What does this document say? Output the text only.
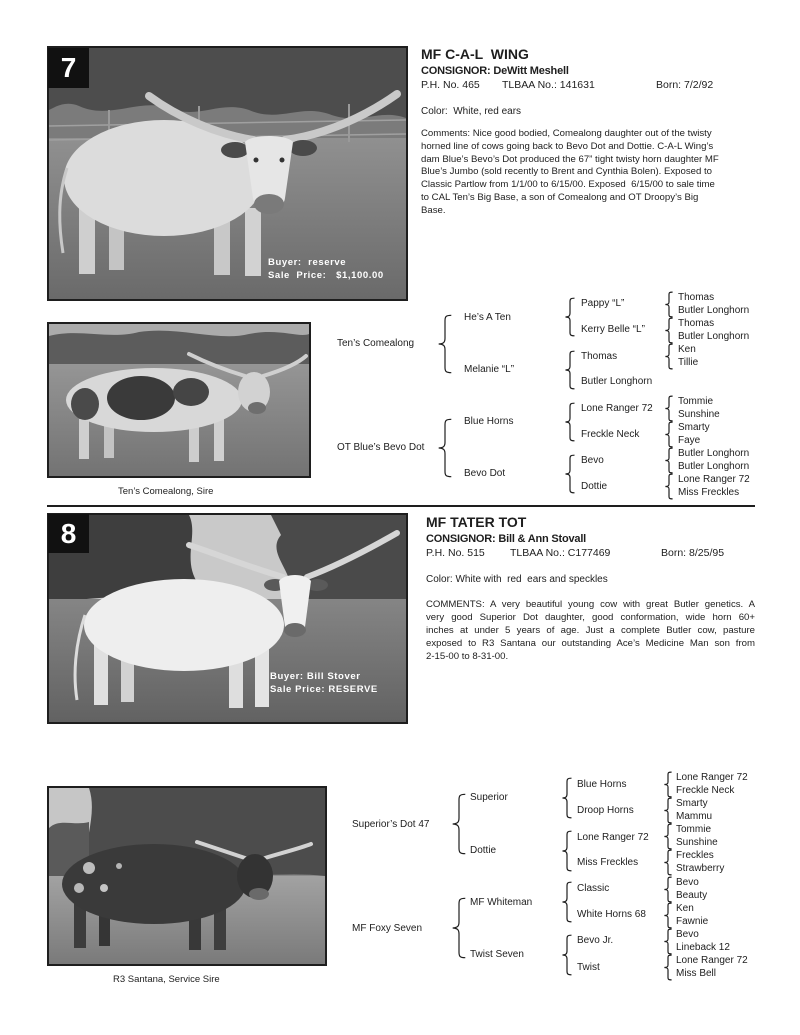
7
Buyer:  reserve
Sale  Price:   $1,100.00
MF C-A-L  WING
CONSIGNOR: DeWitt Meshell
P.H. No. 465 TLBAA No.: 141631	Born: 7/2/92
Color:  White, red ears
Comments: Nice good bodied, Comealong daughter out of the twisty
horned line of cows going back to Bevo Dot and Dottie. C-A-L Wing’s
dam Blue’s Bevo’s Dot produced the 67” tight twisty horn daughter MF
Blue’s Jumbo (sold recently to Brent and Cynthia Bolen). Exposed to
Classic Partlow from 1/1/00 to 6/15/00. Exposed  6/15/00 to sale time
to CAL Ten’s Big Base, a son of Comealong and OT Droopy’s Big
Base.
Ten’s Comealong, Sire
Ten’s Comealong
OT Blue’s Bevo Dot
He’s A Ten
Melanie “L”
Blue Horns
Bevo Dot
Pappy “L”
Kerry Belle “L”
Thomas
Butler Longhorn
Lone Ranger 72
Freckle Neck
Bevo
Dottie
Thomas
Butler Longhorn
Thomas
Butler Longhorn
Ken
Tillie
Tommie
Sunshine
Smarty
Faye
Butler Longhorn
Butler Longhorn
Lone Ranger 72
Miss Freckles
8
Buyer: Bill Stover
Sale Price: RESERVE
MF TATER TOT
CONSIGNOR: Bill & Ann Stovall
P.H. No. 515 TLBAA No.: C177469	Born: 8/25/95
Color: White with  red  ears and speckles
COMMENTS: A very beautiful young cow with great Butler genetics. A
very good Superior Dot daughter, good conformation, wide horn 60+
inches at under 5 years of age. Just a complete Butler cow, pasture
exposed to R3 Santana our outstanding Ace’s Medicine Man son from
2-15-00 to 8-31-00.
R3 Santana, Service Sire
Superior’s Dot 47
MF Foxy Seven
Superior
Dottie
MF Whiteman
Twist Seven
Blue Horns
Droop Horns
Lone Ranger 72
Miss Freckles
Classic
White Horns 68
Bevo Jr.
Twist
Lone Ranger 72
Freckle Neck
Smarty
Mammu
Tommie
Sunshine
Freckles
Strawberry
Bevo
Beauty
Ken
Fawnie
Bevo
Lineback 12
Lone Ranger 72
Miss Bell
